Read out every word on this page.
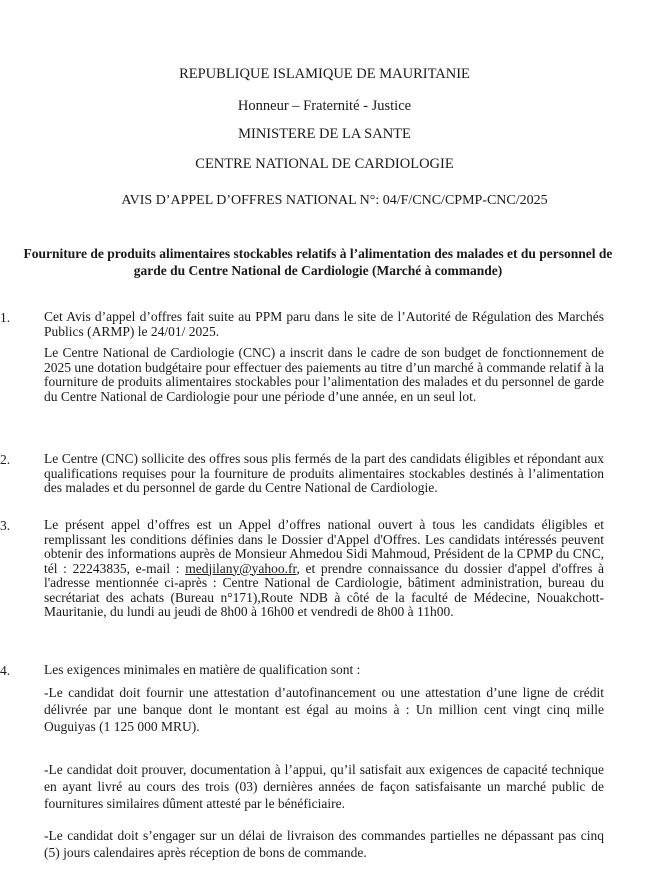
REPUBLIQUE ISLAMIQUE DE MAURITANIE
Honneur – Fraternité - Justice
MINISTERE DE LA SANTE
CENTRE NATIONAL DE CARDIOLOGIE
AVIS D’APPEL D’OFFRES NATIONAL N°: 04/F/CNC/CPMP-CNC/2025
Fourniture de produits alimentaires stockables relatifs à l’alimentation des malades et du personnel de garde du Centre National de Cardiologie (Marché à commande)
1.	Cet Avis d’appel d’offres fait suite au PPM paru dans le site de l’Autorité de Régulation des Marchés Publics (ARMP) le 24/01/ 2025.
Le Centre National de Cardiologie (CNC) a inscrit dans le cadre de son budget de fonctionnement de 2025 une dotation budgétaire pour effectuer des paiements au titre d’un marché à commande relatif à la fourniture de produits alimentaires stockables pour l’alimentation des malades et du personnel de garde du Centre National de Cardiologie pour une période d’une année, en un seul lot.
2.	Le Centre (CNC) sollicite des offres sous plis fermés de la part des candidats éligibles et répondant aux qualifications requises pour la fourniture de produits alimentaires stockables destinés à l’alimentation des malades et du personnel de garde du Centre National de Cardiologie.
3.	Le présent appel d’offres est un Appel d’offres national ouvert à tous les candidats éligibles et remplissant les conditions définies dans le Dossier d'Appel d'Offres. Les candidats intéressés peuvent obtenir des informations auprès de Monsieur Ahmedou Sidi Mahmoud, Président de la CPMP du CNC, tél : 22243835, e-mail : medjilany@yahoo.fr, et prendre connaissance du dossier d'appel d'offres à l'adresse mentionnée ci-après : Centre National de Cardiologie, bâtiment administration, bureau du secrétariat des achats (Bureau n°171),Route NDB à côté de la faculté de Médecine, Nouakchott-Mauritanie, du lundi au jeudi de 8h00 à 16h00 et vendredi de 8h00 à 11h00.
4.	Les exigences minimales en matière de qualification sont :
-Le candidat doit fournir une attestation d’autofinancement ou une attestation d’une ligne de crédit délivrée par une banque dont le montant est égal au moins à : Un million cent vingt cinq mille Ouguiyas (1 125 000 MRU).
-Le candidat doit prouver, documentation à l’appui, qu’il satisfait aux exigences de capacité technique en ayant livré au cours des trois (03) dernières années de façon satisfaisante un marché public de fournitures similaires dûment attesté par le bénéficiaire.
-Le candidat doit s’engager sur un délai de livraison des commandes partielles ne dépassant pas cinq (5) jours calendaires après réception de bons de commande.
